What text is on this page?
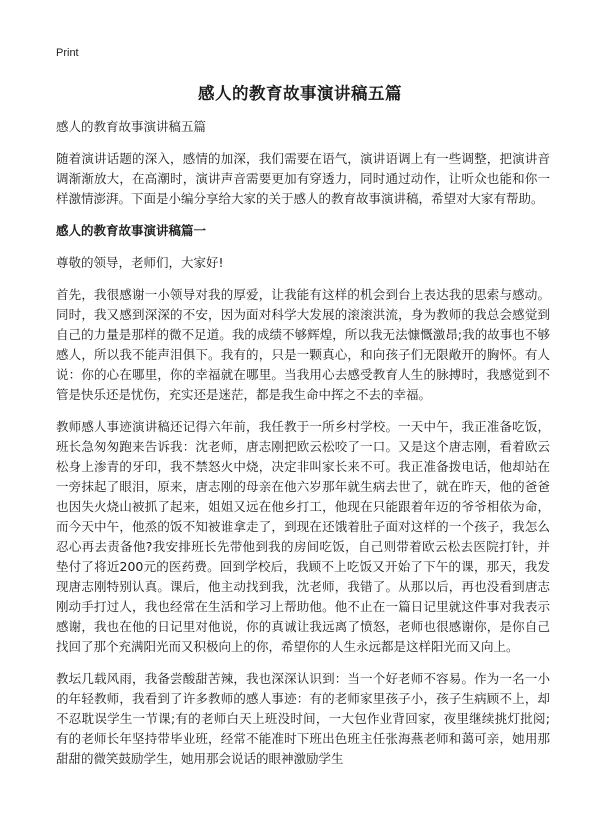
Print
感人的教育故事演讲稿五篇

感人的教育故事演讲稿五篇

随着演讲话题的深入，感情的加深，我们需要在语气，演讲语调上有一些调整，把演讲音调渐渐放大，在高潮时，演讲声音需要更加有穿透力，同时通过动作，让听众也能和你一样激情澎湃。下面是小编分享给大家的关于感人的教育故事演讲稿，希望对大家有帮助。

感人的教育故事演讲稿篇一

尊敬的领导，老师们，大家好!

首先，我很感谢一小领导对我的厚爱，让我能有这样的机会到台上表达我的思索与感动。同时，我又感到深深的不安，因为面对科学大发展的滚滚洪流，身为教师的我总会感觉到自己的力量是那样的微不足道。我的成绩不够辉煌，所以我无法慷慨激昂;我的故事也不够感人，所以我不能声泪俱下。我有的，只是一颗真心，和向孩子们无限敞开的胸怀。有人说：你的心在哪里，你的幸福就在哪里。当我用心去感受教育人生的脉搏时，我感觉到不管是快乐还是忧伤，充实还是迷茫，都是我生命中挥之不去的幸福。

教师感人事迹演讲稿还记得六年前，我任教于一所乡村学校。一天中午，我正准备吃饭，班长急匆匆跑来告诉我：沈老师，唐志刚把欧云松咬了一口。又是这个唐志刚，看着欧云松身上渗青的牙印，我不禁怒火中烧，决定非叫家长来不可。我正准备拨电话，他却站在一旁抹起了眼泪，原来，唐志刚的母亲在他六岁那年就生病去世了，就在昨天，他的爸爸也因失火烧山被抓了起来，姐姐又远在他乡打工，他现在只能跟着年迈的爷爷相依为命，而今天中午，他烝的饭不知被谁拿走了，到现在还饿着肚子面对这样的一个孩子，我怎么忍心再去责备他?我安排班长先带他到我的房间吃饭，自己则带着欧云松去医院打针，并垫付了将近200元的医药费。回到学校后，我顾不上吃饭又开始了下午的课，那天，我发现唐志刚特别认真。课后，他主动找到我，沈老师，我错了。从那以后，再也没看到唐志刚动手打过人，我也经常在生活和学习上帮助他。他不止在一篇日记里就这件事对我表示感谢，我也在他的日记里对他说，你的真诚让我远离了愤怒，老师也很感谢你，是你自己找回了那个充满阳光而又积极向上的你，希望你的人生永远都是这样阳光而又向上。

教坛几载风雨，我备尝酸甜苦辣，我也深深认识到：当一个好老师不容易。作为一名一小的年轻教师，我看到了许多教师的感人事迹：有的老师家里孩子小，孩子生病顾不上，却不忍耽误学生一节课;有的老师白天上班没时间，一大包作业背回家，夜里继续挑灯批阅;有的老师长年坚持带毕业班，经常不能准时下班出色班主任张海燕老师和蔼可亲，她用那甜甜的微笑鼓励学生，她用那会说话的眼神激励学生
